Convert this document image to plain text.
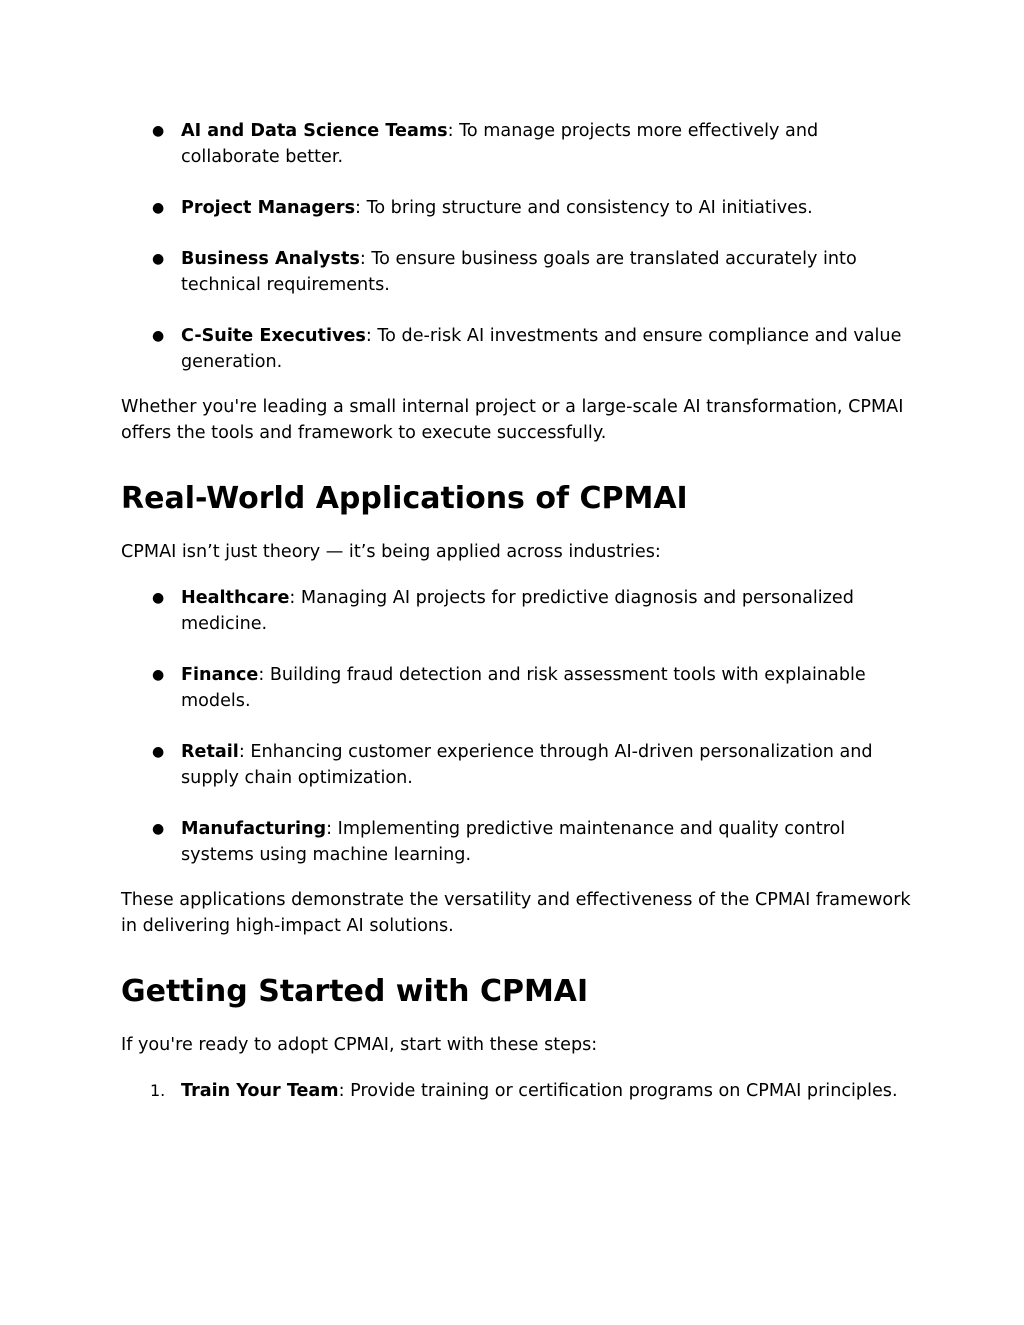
● AI and Data Science Teams: To manage projects more effectively and collaborate better.
● Project Managers: To bring structure and consistency to AI initiatives.
● Business Analysts: To ensure business goals are translated accurately into technical requirements.
● C-Suite Executives: To de-risk AI investments and ensure compliance and value generation.

Whether you're leading a small internal project or a large-scale AI transformation, CPMAI offers the tools and framework to execute successfully.

Real-World Applications of CPMAI

CPMAI isn’t just theory — it’s being applied across industries:

● Healthcare: Managing AI projects for predictive diagnosis and personalized medicine.
● Finance: Building fraud detection and risk assessment tools with explainable models.
● Retail: Enhancing customer experience through AI-driven personalization and supply chain optimization.
● Manufacturing: Implementing predictive maintenance and quality control systems using machine learning.

These applications demonstrate the versatility and effectiveness of the CPMAI framework in delivering high-impact AI solutions.

Getting Started with CPMAI

If you're ready to adopt CPMAI, start with these steps:

1. Train Your Team: Provide training or certification programs on CPMAI principles.
